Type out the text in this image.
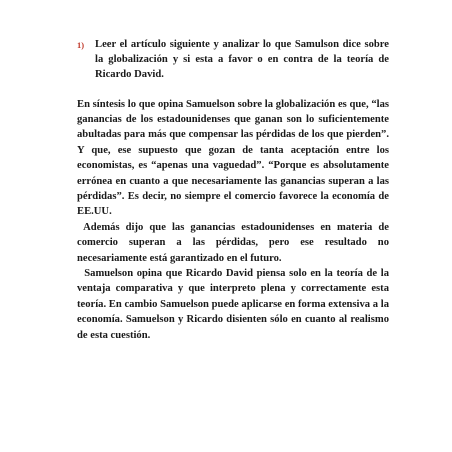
1)	Leer el artículo siguiente y analizar lo que Samulson dice sobre la globalización y si esta a favor o en contra de la teoría de Ricardo David.

En síntesis lo que opina Samuelson sobre la globalización es que, “las ganancias de los estadounidenses que ganan son lo suficientemente abultadas para más que compensar las pérdidas de los que pierden”. Y que, ese supuesto que gozan de tanta aceptación entre los economistas, es “apenas una vaguedad”. “Porque es absolutamente errónea en cuanto a que necesariamente las ganancias superan a las pérdidas”. Es decir, no siempre el comercio favorece la economía de EE.UU.

Además dijo que las ganancias estadounidenses en materia de comercio superan a las pérdidas, pero ese resultado no necesariamente está garantizado en el futuro.

Samuelson opina que Ricardo David piensa solo en la teoría de la ventaja comparativa y que interpreto plena y correctamente esta teoría. En cambio Samuelson puede aplicarse en forma extensiva a la economía. Samuelson y Ricardo disienten sólo en cuanto al realismo de esta cuestión.
